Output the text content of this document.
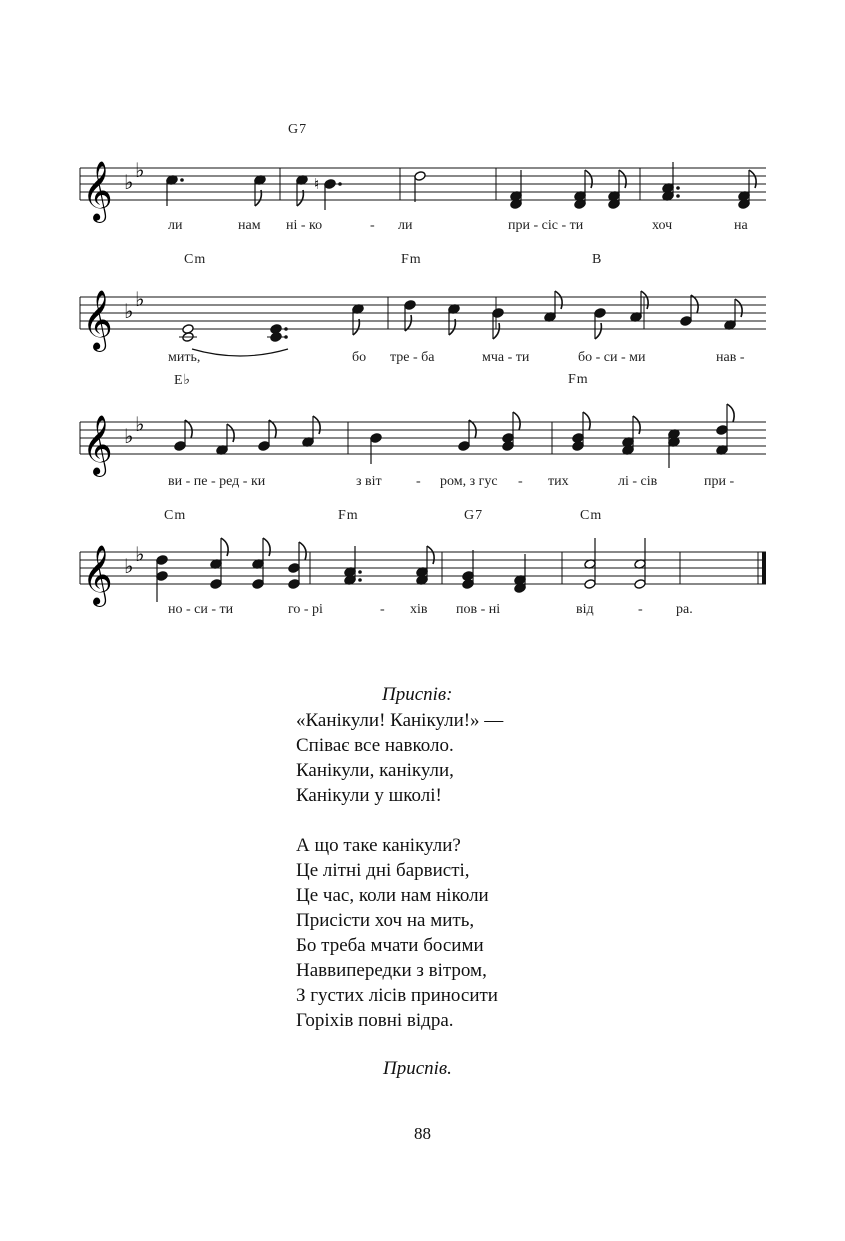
G7
𝄞 ♭ ♭
♮
ли	нам ні - ко	- ли	при - сіс - ти	хоч	на
Cm	Fm	B
𝄞 ♭ ♭
мить,	бо тре - ба	мча - ти	бо - си - ми	нав -
E♭	Fm
𝄞 ♭ ♭
ви - пе - ред - ки	з віт - ром, з гус - тих	лі - сів	при -
Cm	Fm	G7	Cm
𝄞 ♭ ♭
но - си - ти	го - рі	- хів пов - ні	від	- ра.
Приспів:

«Канікули! Канікули!» —

Співає все навколо.

Канікули, канікули,

Канікули у школі!

А що таке канікули?

Це літні дні барвисті,

Це час, коли нам ніколи

Присісти хоч на мить,

Бо треба мчати босими

Наввипередки з вітром,

З густих лісів приносити

Горіхів повні відра.

Приспів.
88
